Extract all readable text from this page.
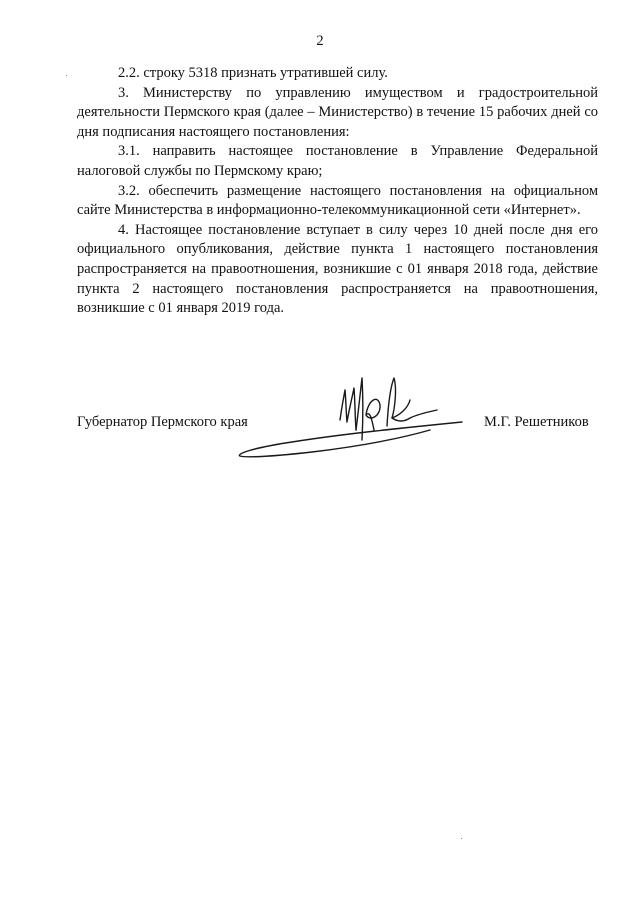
2

2.2. строку 5318 признать утратившей силу.

3. Министерству по управлению имуществом и градостроительной деятельности Пермского края (далее – Министерство) в течение 15 рабочих дней со дня подписания настоящего постановления:

3.1. направить настоящее постановление в Управление Федеральной налоговой службы по Пермскому краю;

3.2. обеспечить размещение настоящего постановления на официальном сайте Министерства в информационно-телекоммуникационной сети «Интернет».

4. Настоящее постановление вступает в силу через 10 дней после дня его официального опубликования, действие пункта 1 настоящего постановления распространяется на правоотношения, возникшие с 01 января 2018 года, действие пункта 2 настоящего постановления распространяется на правоотношения, возникшие с 01 января 2019 года.

Губернатор Пермского края	М.Г. Решетников
